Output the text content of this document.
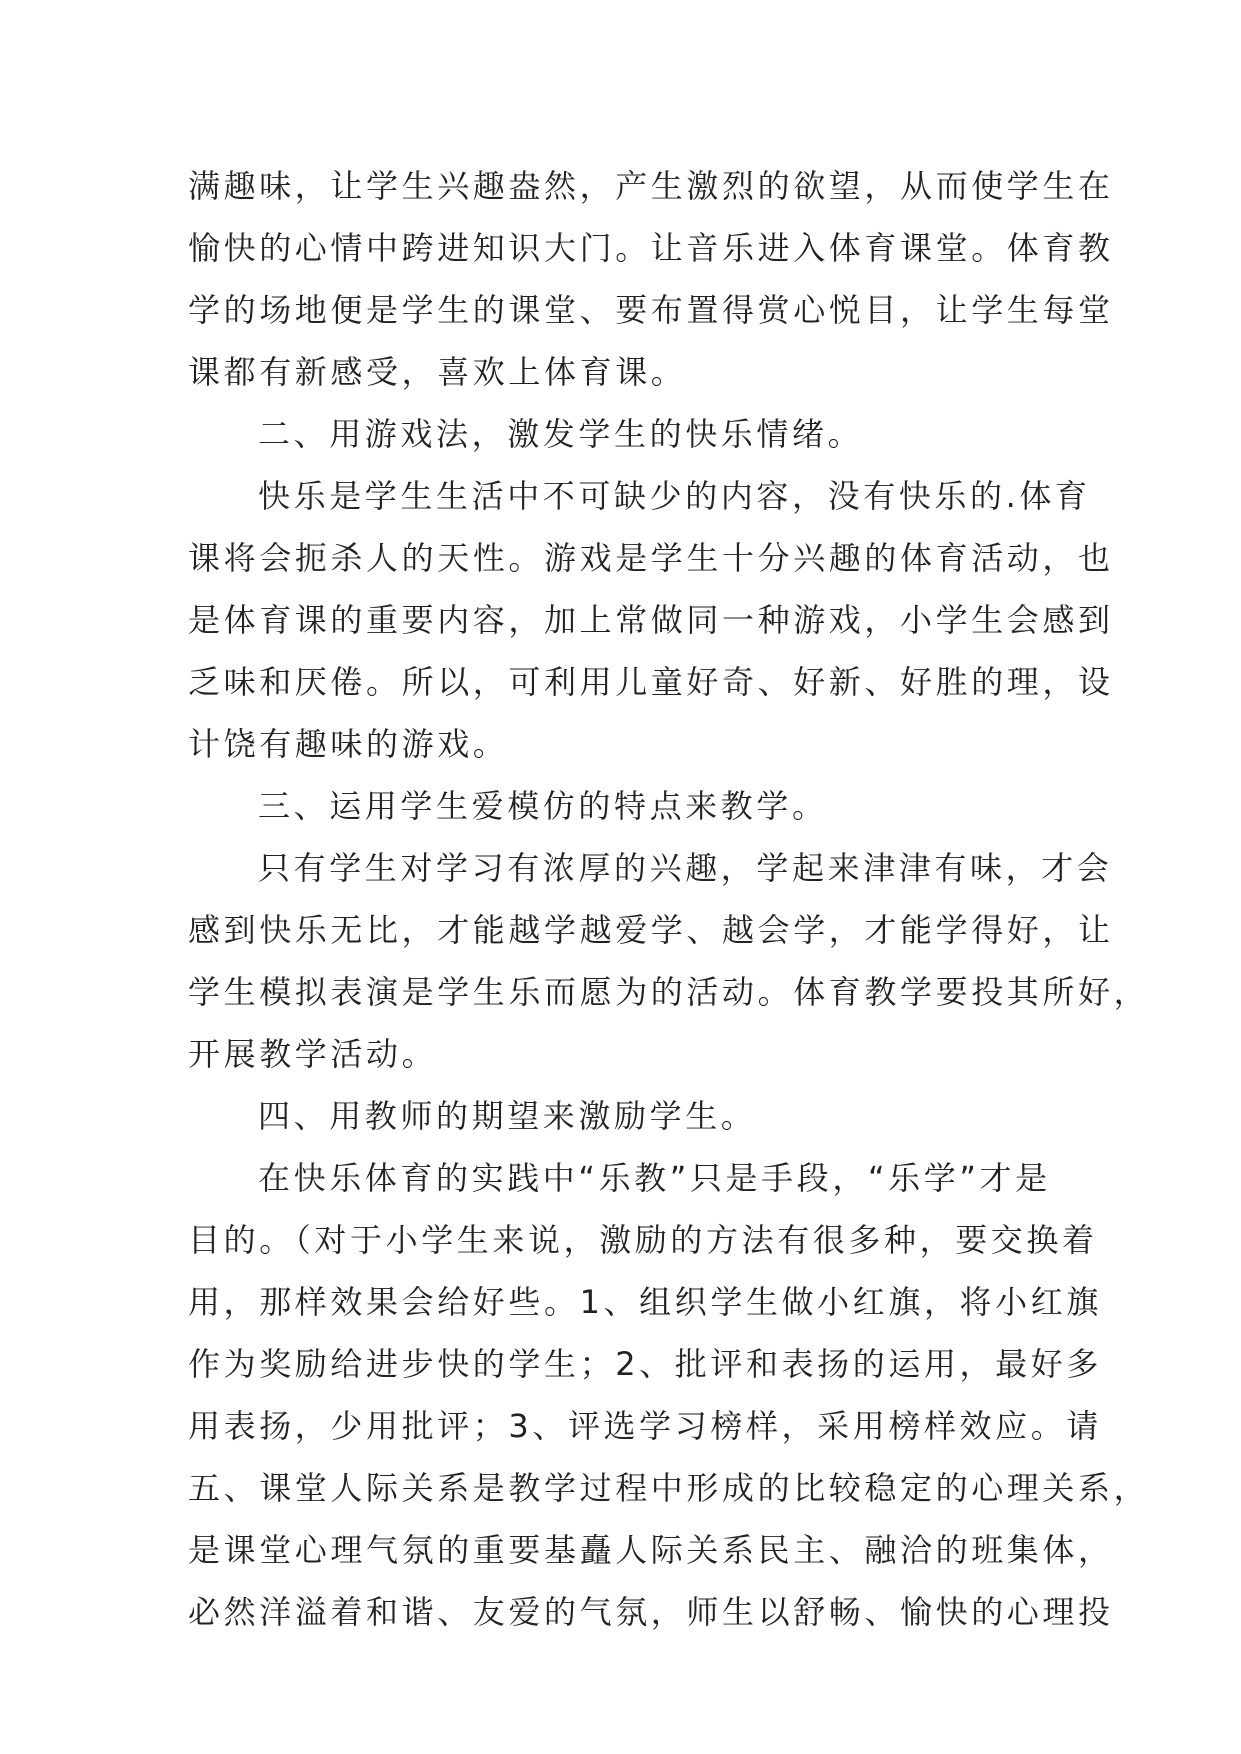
满趣味，让学生兴趣盎然，产生激烈的欲望，从而使学生在
愉快的心情中跨进知识大门。让音乐进入体育课堂。体育教
学的场地便是学生的课堂、要布置得赏心悦目，让学生每堂
课都有新感受，喜欢上体育课。
二、用游戏法，激发学生的快乐情绪。
快乐是学生生活中不可缺少的内容，没有快乐的.体育
课将会扼杀人的天性。游戏是学生十分兴趣的体育活动，也
是体育课的重要内容，加上常做同一种游戏，小学生会感到
乏味和厌倦。所以，可利用儿童好奇、好新、好胜的理，设
计饶有趣味的游戏。
三、运用学生爱模仿的特点来教学。
只有学生对学习有浓厚的兴趣，学起来津津有味，才会
感到快乐无比，才能越学越爱学、越会学，才能学得好，让
学生模拟表演是学生乐而愿为的活动。体育教学要投其所好，
开展教学活动。
四、用教师的期望来激励学生。
在快乐体育的实践中“乐教”只是手段，“乐学”才是
目的。（对于小学生来说，激励的方法有很多种，要交换着
用，那样效果会给好些。1、组织学生做小红旗，将小红旗
作为奖励给进步快的学生；2、批评和表扬的运用，最好多
用表扬，少用批评；3、评选学习榜样，采用榜样效应。请
五、课堂人际关系是教学过程中形成的比较稳定的心理关系，
是课堂心理气氛的重要基矗人际关系民主、融洽的班集体，
必然洋溢着和谐、友爱的气氛，师生以舒畅、愉快的心理投
